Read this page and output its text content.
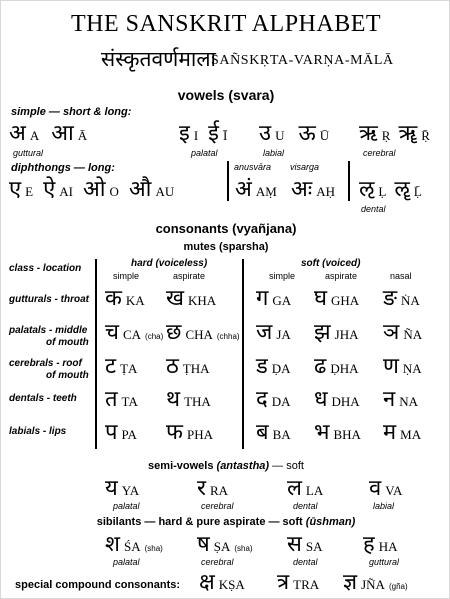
THE SANSKRIT ALPHABET
संस्कृतवर्णमाला
SAÑSKṚTA-VARṆA-MĀLĀ
vowels (svara)
simple — short & long:
अ A आ Ā
guttural
इ I ई Ī
palatal
उ U ऊ Ū
labial
ऋ Ṛ ॠ Ṝ
cerebral
diphthongs — long:	anusvāra visarga
ए E ऐ AI ओ O औ AU	अं AṂ अः AḤ ऌ Ḷ ॡ Ḹ
dental
consonants (vyañjana)
mutes (sparsha)
hard (voiceless)	soft (voiced)
class - location
simple	aspirate	simple	aspirate	nasal
gutturals - throat क KA ख KHA ग GA घ GHA ङ ṄA
palatals - middle
of mouth च CA (cha) छ CHA (chha) ज JA झ JHA ञ ÑA
cerebrals - roof
of mouth ट ṬA ठ ṬHA ड ḌA ढ ḌHA ण ṆA
dentals - teeth त TA थ THA द DA ध DHA न NA
labials - lips प PA फ PHA ब BA भ BHA म MA
semi-vowels (antastha) — soft
य YA
palatal
र RA
cerebral
ल LA
dental
व VA
labial
sibilants — hard & pure aspirate — soft (ūshman)
श ŚA (sha)
palatal
ष ṢA (sha)
cerebral
स SA
dental
ह HA
guttural
special compound consonants: क्ष KṢA त्र TRA ज्ञ JÑA (gña)
